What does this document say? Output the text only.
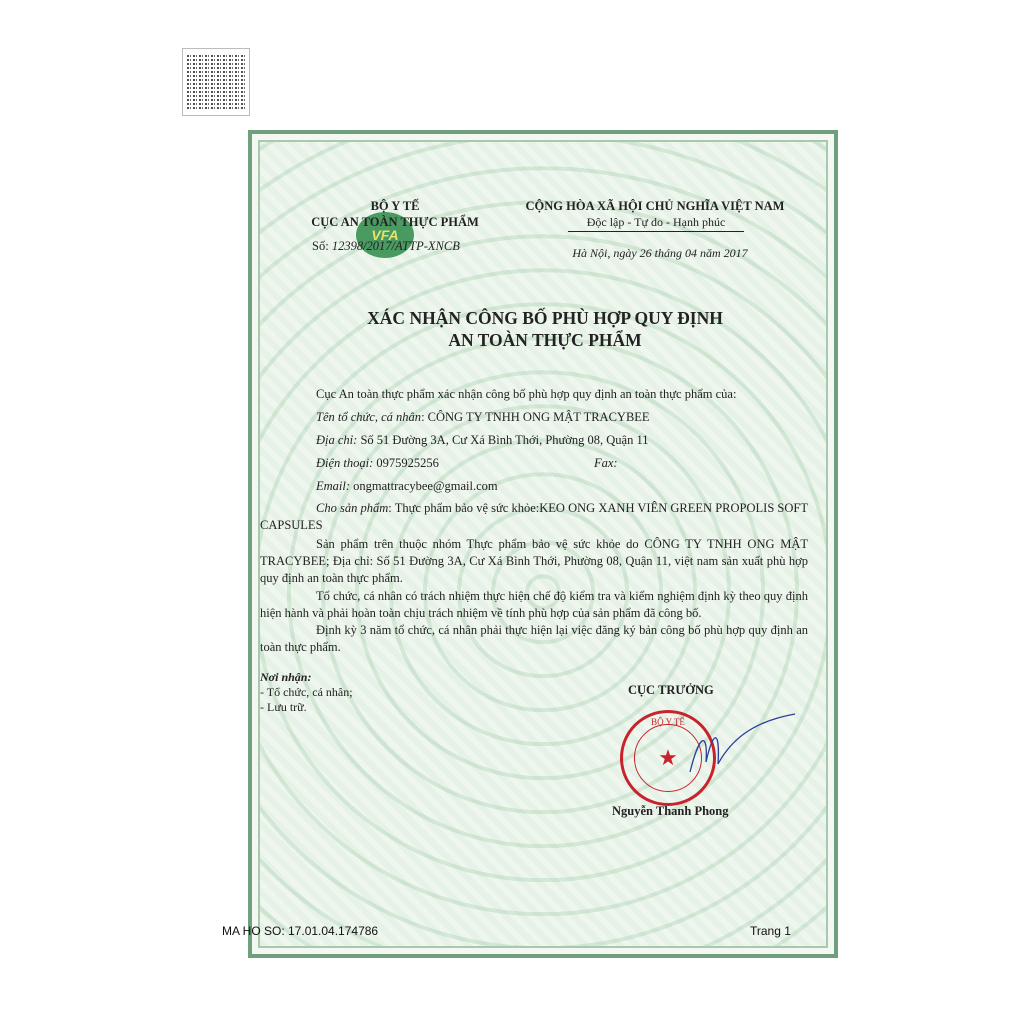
VFA
BỘ Y TẾ
CỤC AN TOÀN THỰC PHẨM
Số: 12398/2017/ATTP-XNCB
CỘNG HÒA XÃ HỘI CHỦ NGHĨA VIỆT NAM
Độc lập - Tự do - Hạnh phúc
Hà Nội, ngày 26 tháng 04 năm 2017
XÁC NHẬN CÔNG BỐ PHÙ HỢP QUY ĐỊNH
AN TOÀN THỰC PHẨM
Cục An toàn thực phẩm xác nhận công bố phù hợp quy định an toàn thực phẩm của:
Tên tổ chức, cá nhân: CÔNG TY TNHH ONG MẬT TRACYBEE
Địa chỉ: Số 51 Đường 3A, Cư Xá Bình Thới, Phường 08, Quận 11
Điện thoại: 0975925256	Fax:
Email: ongmattracybee@gmail.com
Cho sản phẩm: Thực phẩm bảo vệ sức khỏe:KEO ONG XANH VIÊN GREEN PROPOLIS SOFT CAPSULES
Sản phẩm trên thuộc nhóm Thực phẩm bảo vệ sức khỏe do CÔNG TY TNHH ONG MẬT TRACYBEE; Địa chỉ: Số 51 Đường 3A, Cư Xá Bình Thới, Phường 08, Quận 11, việt nam sản xuất phù hợp quy định an toàn thực phẩm.
Tổ chức, cá nhân có trách nhiệm thực hiện chế độ kiểm tra và kiểm nghiệm định kỳ theo quy định hiện hành và phải hoàn toàn chịu trách nhiệm về tính phù hợp của sản phẩm đã công bố.
Định kỳ 3 năm tổ chức, cá nhân phải thực hiện lại việc đăng ký bản công bố phù hợp quy định an toàn thực phẩm.
Nơi nhận:
- Tổ chức, cá nhân;
- Lưu trữ.
CỤC TRƯỞNG
BỘ Y TẾ
★
Nguyễn Thanh Phong
MA HO SO: 17.01.04.174786	Trang 1
